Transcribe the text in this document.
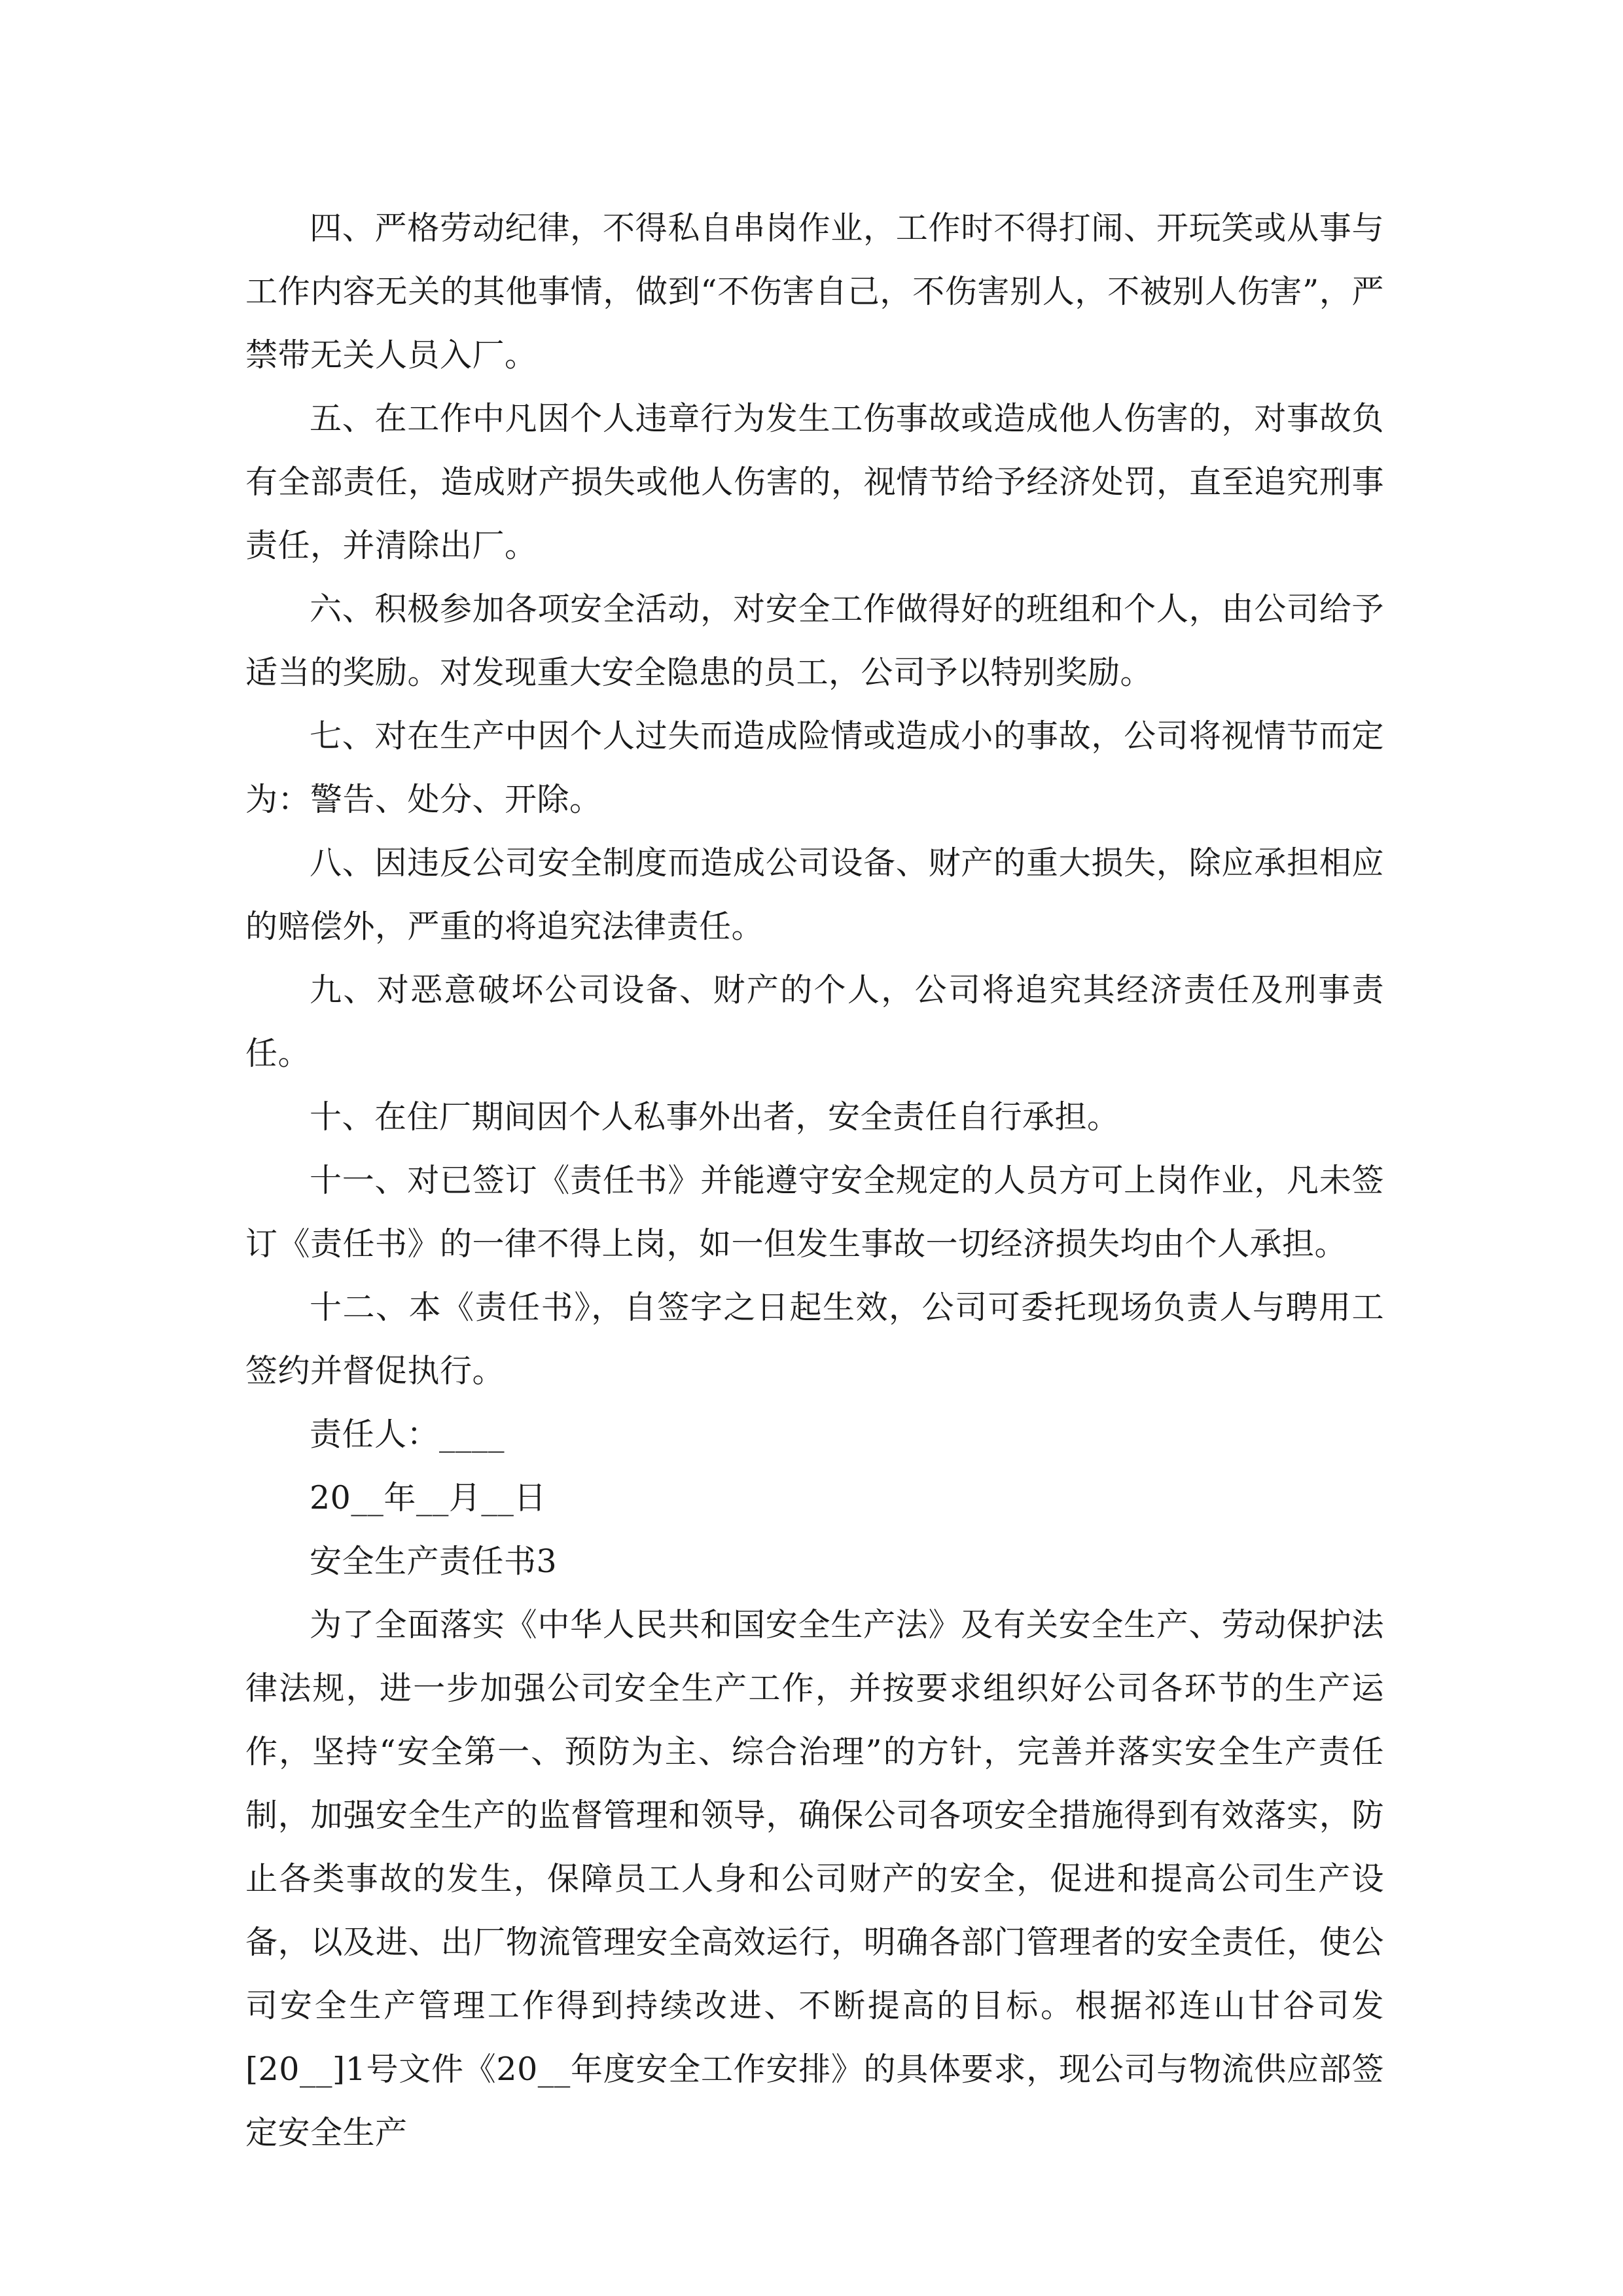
四、严格劳动纪律，不得私自串岗作业，工作时不得打闹、开玩笑或从事与工作内容无关的其他事情，做到“不伤害自己，不伤害别人，不被别人伤害”，严禁带无关人员入厂。

五、在工作中凡因个人违章行为发生工伤事故或造成他人伤害的，对事故负有全部责任，造成财产损失或他人伤害的，视情节给予经济处罚，直至追究刑事责任，并清除出厂。

六、积极参加各项安全活动，对安全工作做得好的班组和个人，由公司给予适当的奖励。对发现重大安全隐患的员工，公司予以特别奖励。

七、对在生产中因个人过失而造成险情或造成小的事故，公司将视情节而定为：警告、处分、开除。

八、因违反公司安全制度而造成公司设备、财产的重大损失，除应承担相应的赔偿外，严重的将追究法律责任。

九、对恶意破坏公司设备、财产的个人，公司将追究其经济责任及刑事责任。

十、在住厂期间因个人私事外出者，安全责任自行承担。

十一、对已签订《责任书》并能遵守安全规定的人员方可上岗作业，凡未签订《责任书》的一律不得上岗，如一但发生事故一切经济损失均由个人承担。

十二、本《责任书》，自签字之日起生效，公司可委托现场负责人与聘用工签约并督促执行。

责任人：____

20__年__月__日

安全生产责任书3

为了全面落实《中华人民共和国安全生产法》及有关安全生产、劳动保护法律法规，进一步加强公司安全生产工作，并按要求组织好公司各环节的生产运作，坚持“安全第一、预防为主、综合治理”的方针，完善并落实安全生产责任制，加强安全生产的监督管理和领导，确保公司各项安全措施得到有效落实，防止各类事故的发生，保障员工人身和公司财产的安全，促进和提高公司生产设备，以及进、出厂物流管理安全高效运行，明确各部门管理者的安全责任，使公司安全生产管理工作得到持续改进、不断提高的目标。根据祁连山甘谷司发[20__]1号文件《20__年度安全工作安排》的具体要求，现公司与物流供应部签定安全生产
